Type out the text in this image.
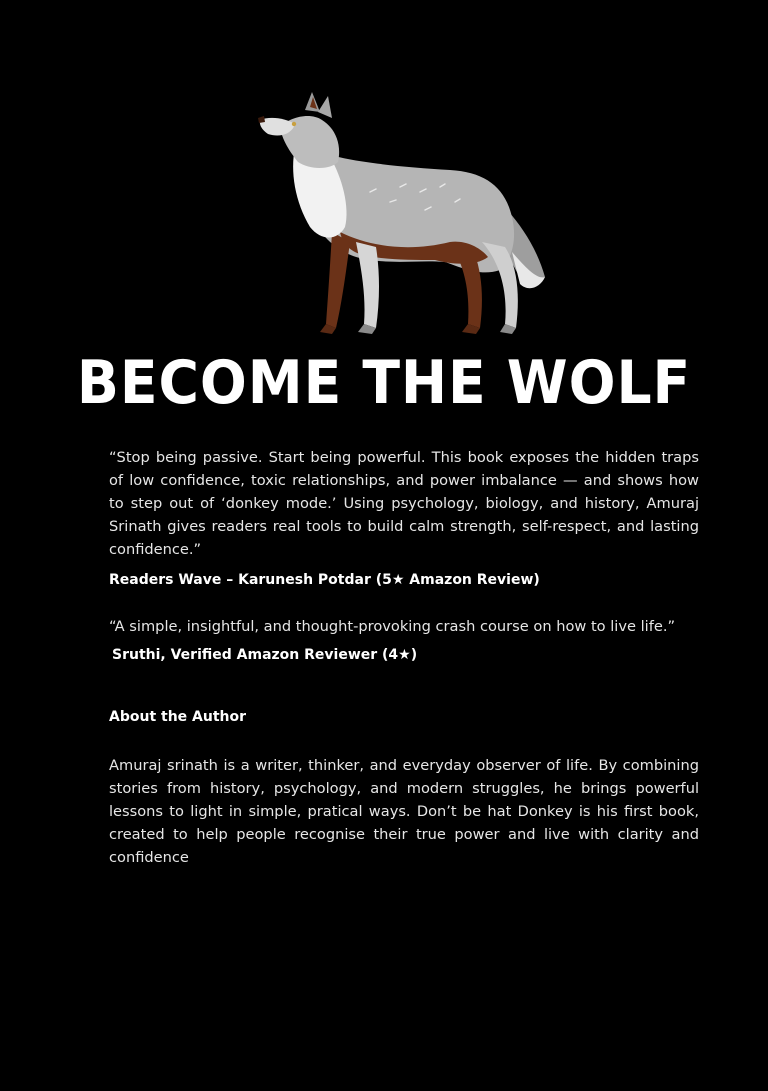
BECOME THE WOLF

“Stop being passive. Start being powerful. This book exposes the hidden traps of low confidence, toxic relationships, and power imbalance — and shows how to step out of ‘donkey mode.’ Using psychology, biology, and history, Amuraj Srinath gives readers real tools to build calm strength, self-respect, and lasting confidence.”

Readers Wave – Karunesh Potdar (5★ Amazon Review)

“A simple, insightful, and thought-provoking crash course on how to live life.”

Sruthi, Verified Amazon Reviewer (4★)

About the Author
Amuraj srinath is a writer, thinker, and everyday observer of life. By combining stories from history, psychology, and modern struggles, he brings powerful lessons to light in simple, pratical ways. Don’t be hat Donkey is his first book, created to help people recognise their true power and live with clarity and confidence
